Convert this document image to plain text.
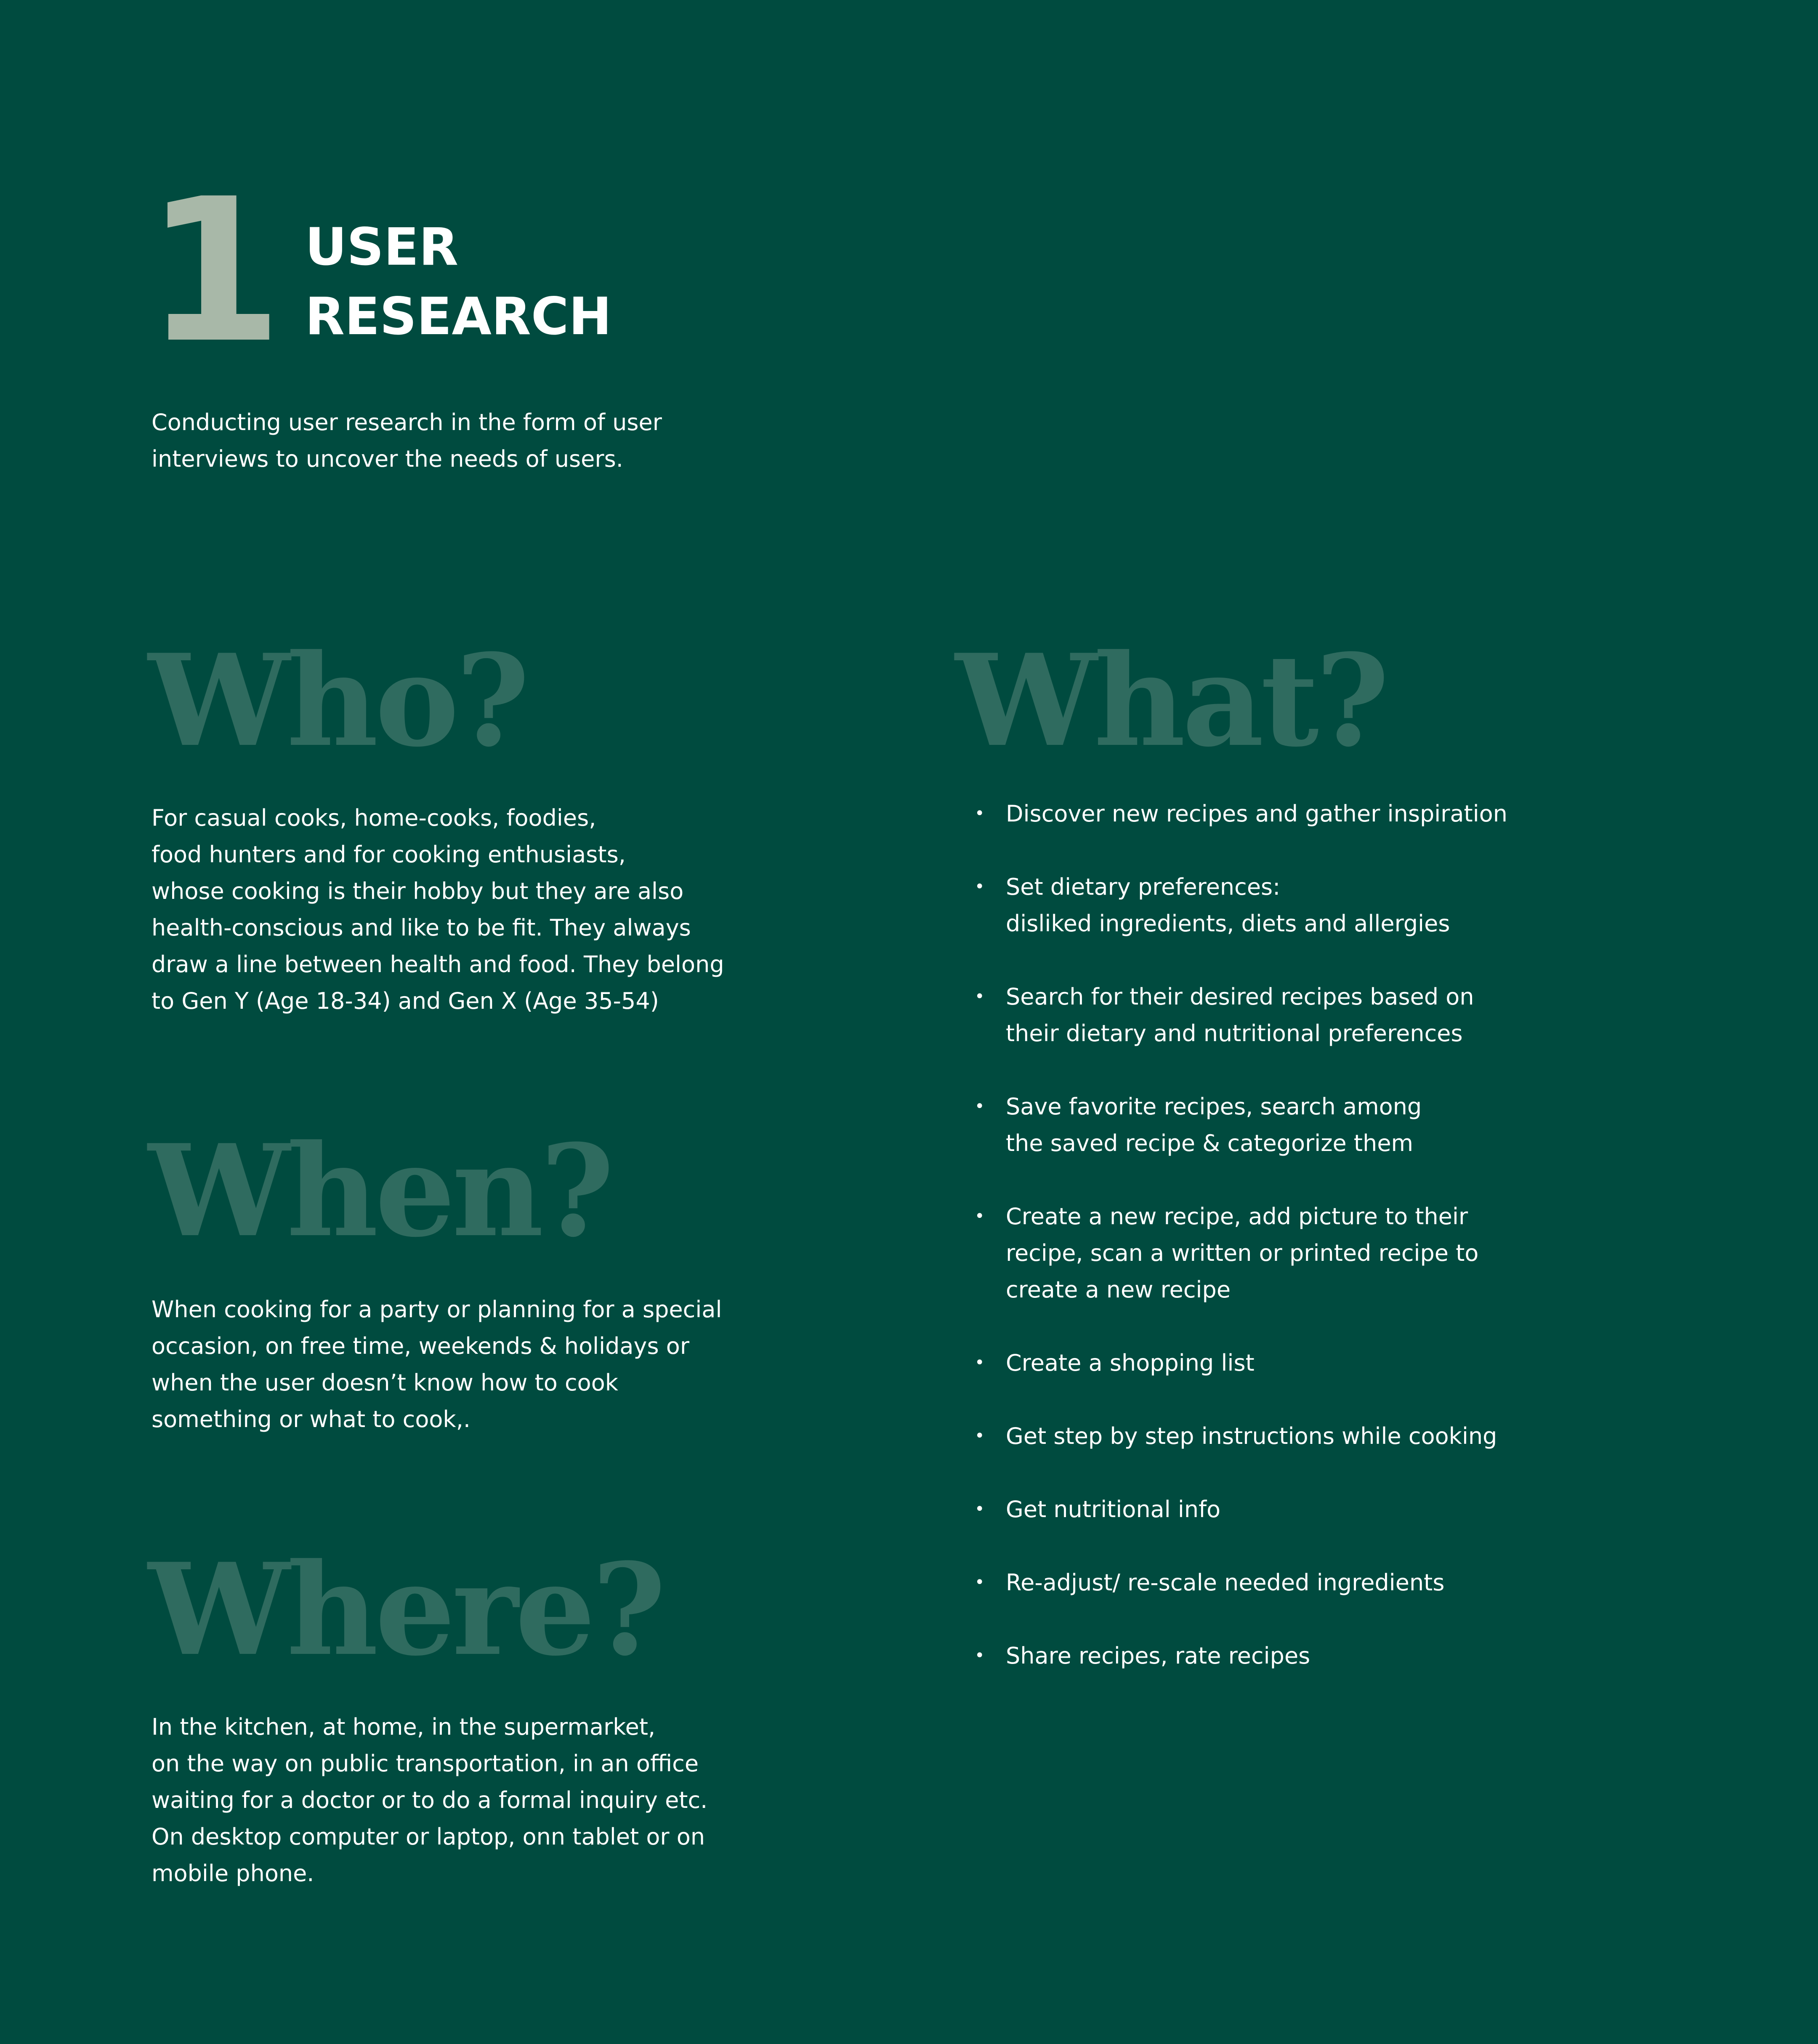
1 USER
RESEARCH

Conducting user research in the form of user
interviews to uncover the needs of users.

Who?

For casual cooks, home-cooks, foodies,
food hunters and for cooking enthusiasts,
whose cooking is their hobby but they are also
health-conscious and like to be fit. They always
draw a line between health and food. They belong
to Gen Y (Age 18-34) and Gen X (Age 35-54)

When?

When cooking for a party or planning for a special
occasion, on free time, weekends & holidays or
when the user doesn’t know how to cook
something or what to cook,.

Where?

In the kitchen, at home, in the supermarket,
on the way on public transportation, in an office
waiting for a doctor or to do a formal inquiry etc.
On desktop computer or laptop, onn tablet or on
mobile phone.

What?
• Discover new recipes and gather inspiration
• Set dietary preferences:
disliked ingredients, diets and allergies
• Search for their desired recipes based on
their dietary and nutritional preferences
• Save favorite recipes, search among
the saved recipe & categorize them
• Create a new recipe, add picture to their
recipe, scan a written or printed recipe to
create a new recipe
• Create a shopping list
• Get step by step instructions while cooking
• Get nutritional info
• Re-adjust/ re-scale needed ingredients
• Share recipes, rate recipes
